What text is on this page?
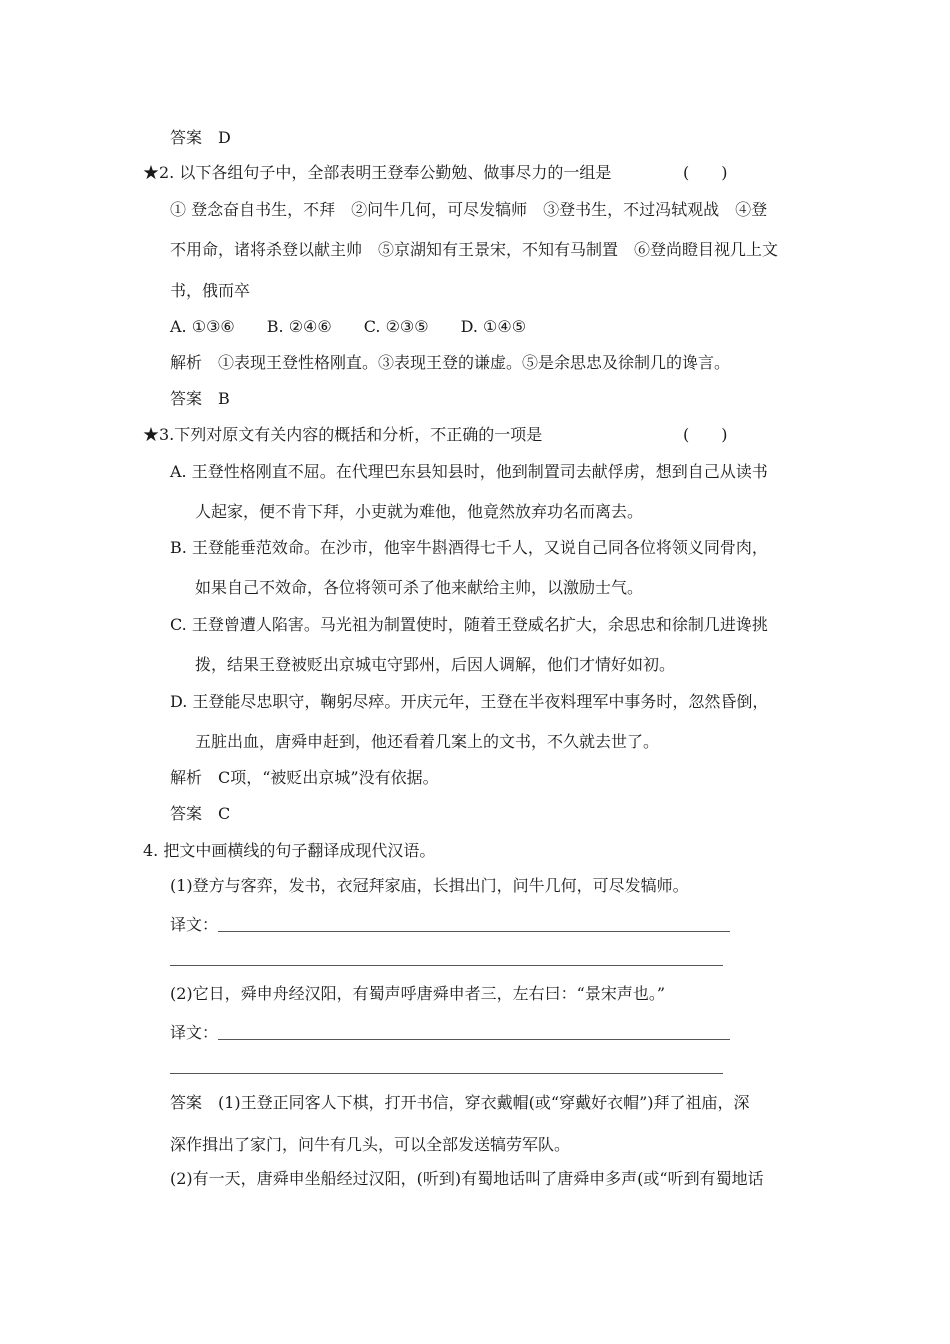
答案　D
★2. 以下各组句子中，全部表明王登奉公勤勉、做事尽力的一组是	(　　)
① 登念奋自书生，不拜　②问牛几何，可尽发犒师　③登书生，不过冯轼观战　④登
不用命，诸将杀登以献主帅　⑤京湖知有王景宋，不知有马制置　⑥登尚瞪目视几上文
书，俄而卒
A. ①③⑥　　B. ②④⑥　　C. ②③⑤　　D. ①④⑤
解析　①表现王登性格刚直。③表现王登的谦虚。⑤是余思忠及徐制几的谗言。
答案　B
★3.下列对原文有关内容的概括和分析，不正确的一项是	(　　)
A. 王登性格刚直不屈。在代理巴东县知县时，他到制置司去献俘虏，想到自己从读书
人起家，便不肯下拜，小吏就为难他，他竟然放弃功名而离去。
B. 王登能垂范效命。在沙市，他宰牛斟酒得七千人，又说自己同各位将领义同骨肉，
如果自己不效命，各位将领可杀了他来献给主帅，以激励士气。
C. 王登曾遭人陷害。马光祖为制置使时，随着王登威名扩大，余思忠和徐制几进谗挑
拨，结果王登被贬出京城屯守郢州，后因人调解，他们才情好如初。
D. 王登能尽忠职守，鞠躬尽瘁。开庆元年，王登在半夜料理军中事务时，忽然昏倒，
五脏出血，唐舜申赶到，他还看着几案上的文书，不久就去世了。
解析　C项，“被贬出京城”没有依据。
答案　C
4. 把文中画横线的句子翻译成现代汉语。
(1)登方与客弈，发书，衣冠拜家庙，长揖出门，问牛几何，可尽发犒师。
译文：
(2)它日，舜申舟经汉阳，有蜀声呼唐舜申者三，左右曰：“景宋声也。”
译文：
答案　(1)王登正同客人下棋，打开书信，穿衣戴帽(或“穿戴好衣帽”)拜了祖庙，深
深作揖出了家门，问牛有几头，可以全部发送犒劳军队。
(2)有一天，唐舜申坐船经过汉阳，(听到)有蜀地话叫了唐舜申多声(或“听到有蜀地话
